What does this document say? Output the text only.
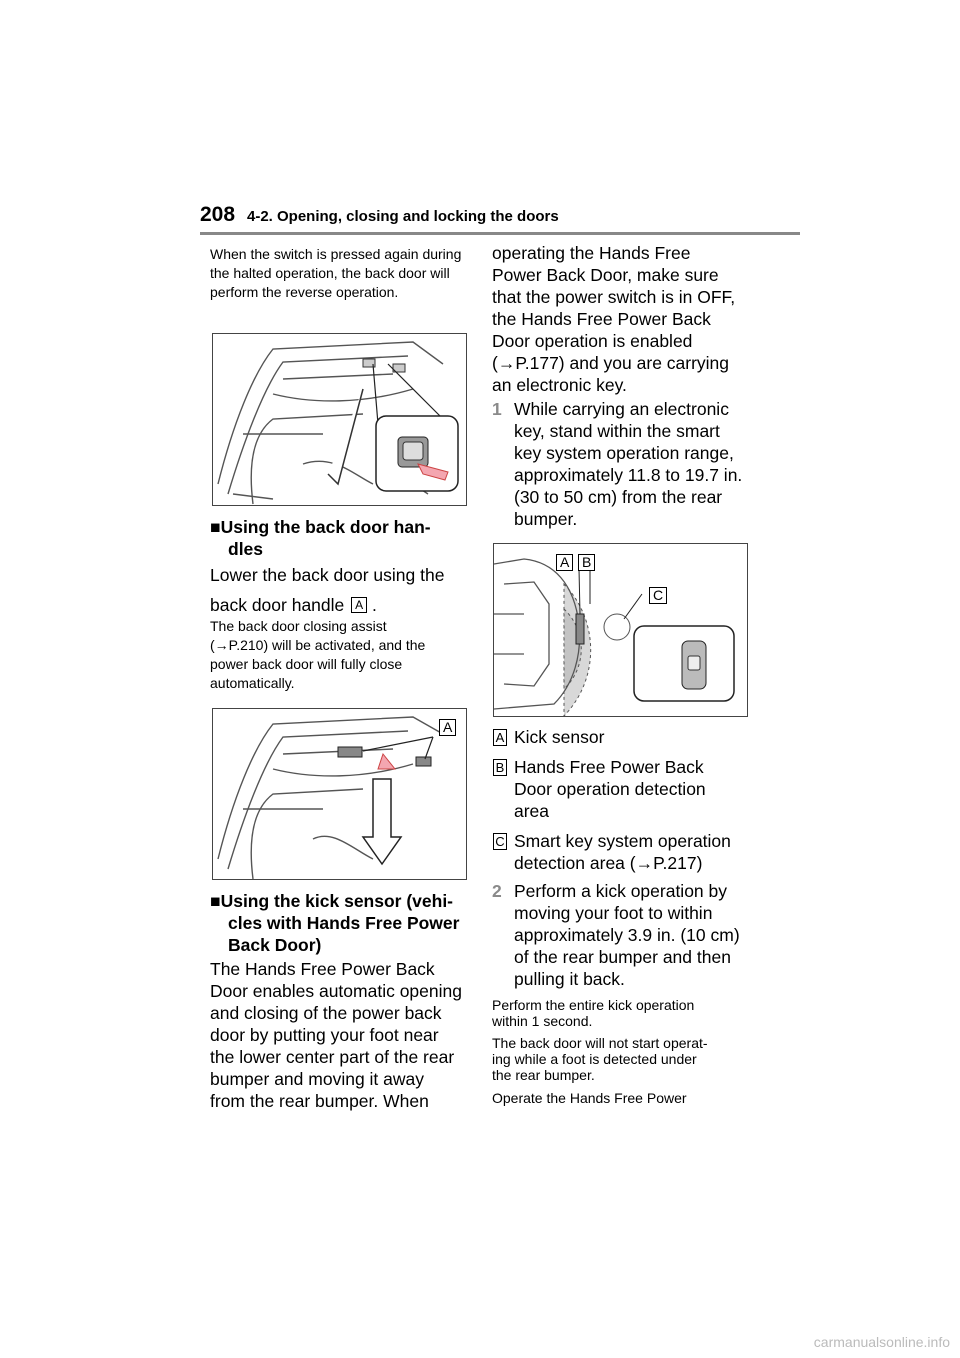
208 4-2. Opening, closing and locking the doors
When the switch is pressed again during the halted operation, the back door will perform the reverse operation.
■Using the back door han-
dles
Lower the back door using the
back door handle A .
The back door closing assist
(→P.210) will be activated, and the
power back door will fully close
automatically.
A
■Using the kick sensor (vehi-
cles with Hands Free Power
Back Door)
The Hands Free Power Back
Door enables automatic opening
and closing of the power back
door by putting your foot near
the lower center part of the rear
bumper and moving it away
from the rear bumper. When
operating the Hands Free
Power Back Door, make sure
that the power switch is in OFF,
the Hands Free Power Back
Door operation is enabled
(→P.177) and you are carrying
an electronic key.
1 While carrying an electronic
key, stand within the smart
key system operation range,
approximately 11.8 to 19.7 in.
(30 to 50 cm) from the rear
bumper.
A B
C
A Kick sensor
B Hands Free Power Back
Door operation detection
area
C Smart key system operation
detection area (→P.217)
2 Perform a kick operation by
moving your foot to within
approximately 3.9 in. (10 cm)
of the rear bumper and then
pulling it back.
Perform the entire kick operation
within 1 second.
The back door will not start operat-
ing while a foot is detected under
the rear bumper.
Operate the Hands Free Power
carmanualsonline.info
